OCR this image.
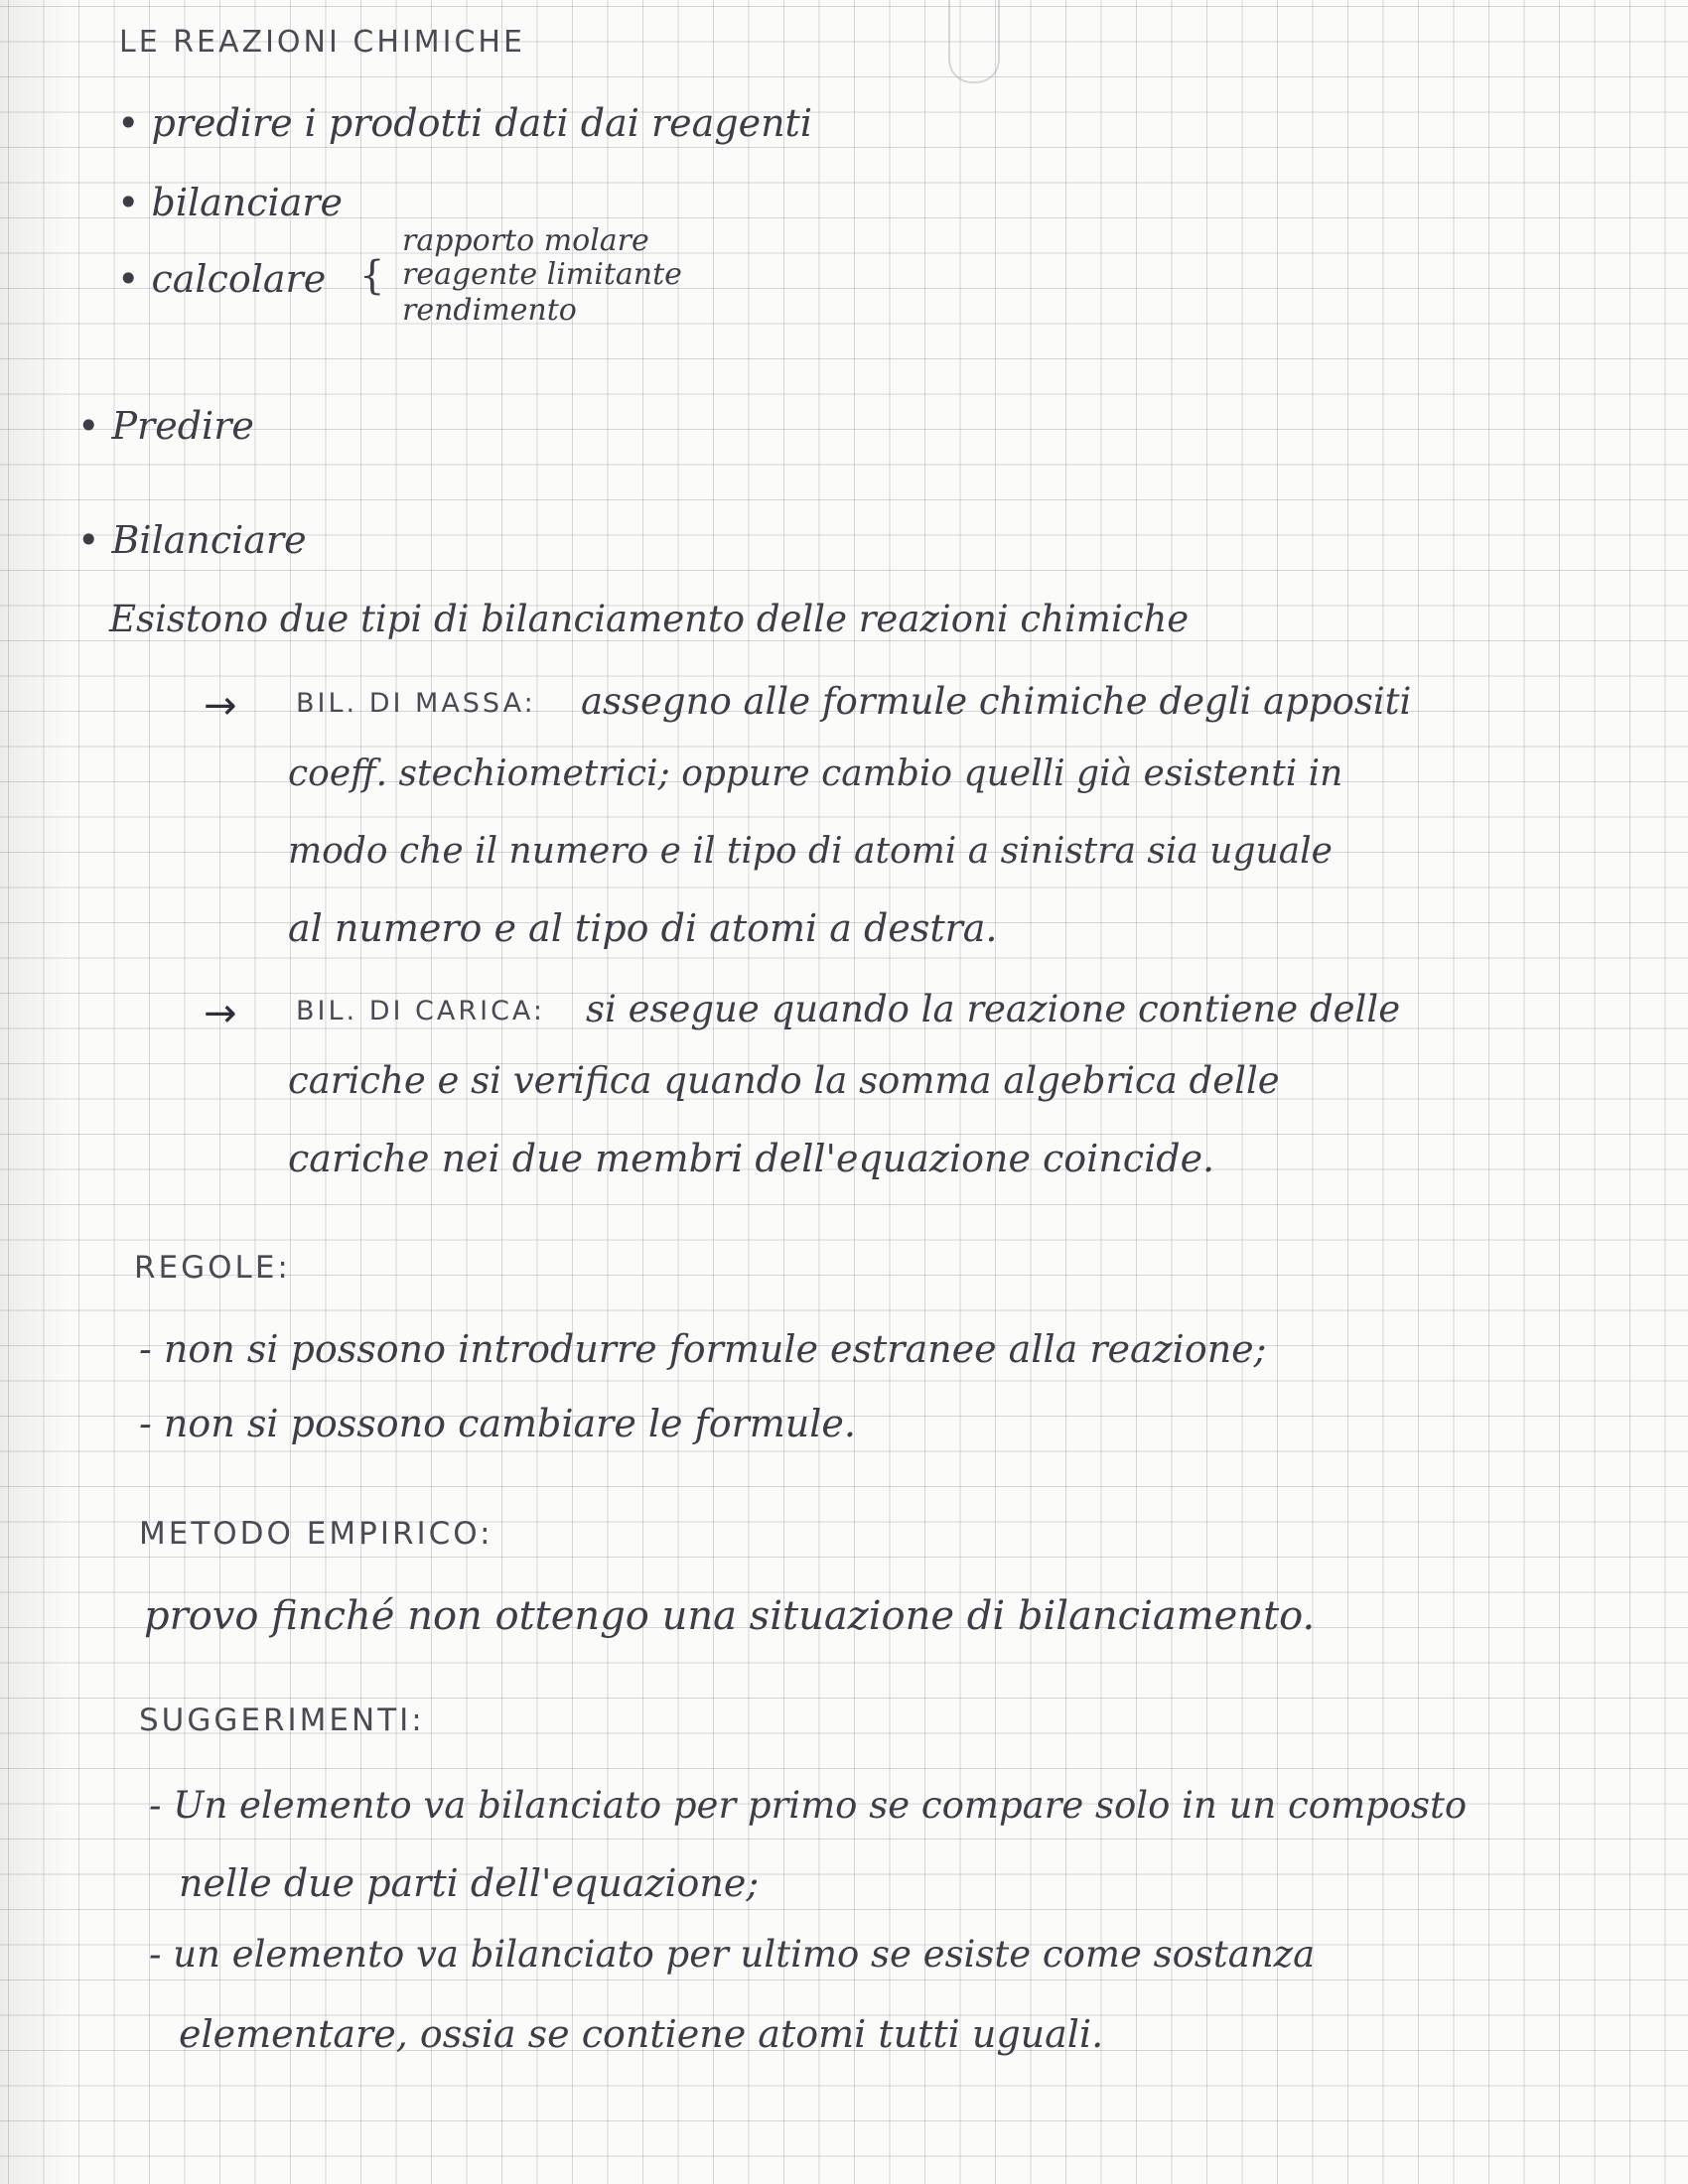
LE REAZIONI CHIMICHE

• predire i prodotti dati dai reagenti

• bilanciare

• calcolare {

rapporto molare

reagente limitante

rendimento

• Predire

• Bilanciare

Esistono due tipi di bilanciamento delle reazioni chimiche

→ BIL. DI MASSA: assegno alle formule chimiche degli appositi

coeff. stechiometrici; oppure cambio quelli già esistenti in

modo che il numero e il tipo di atomi a sinistra sia uguale

al numero e al tipo di atomi a destra.

→ BIL. DI CARICA: si esegue quando la reazione contiene delle

cariche e si verifica quando la somma algebrica delle

cariche nei due membri dell'equazione coincide.

REGOLE:

- non si possono introdurre formule estranee alla reazione;

- non si possono cambiare le formule.

METODO EMPIRICO:

provo finché non ottengo una situazione di bilanciamento.

SUGGERIMENTI:

- Un elemento va bilanciato per primo se compare solo in un composto

nelle due parti dell'equazione;

- un elemento va bilanciato per ultimo se esiste come sostanza

elementare, ossia se contiene atomi tutti uguali.
